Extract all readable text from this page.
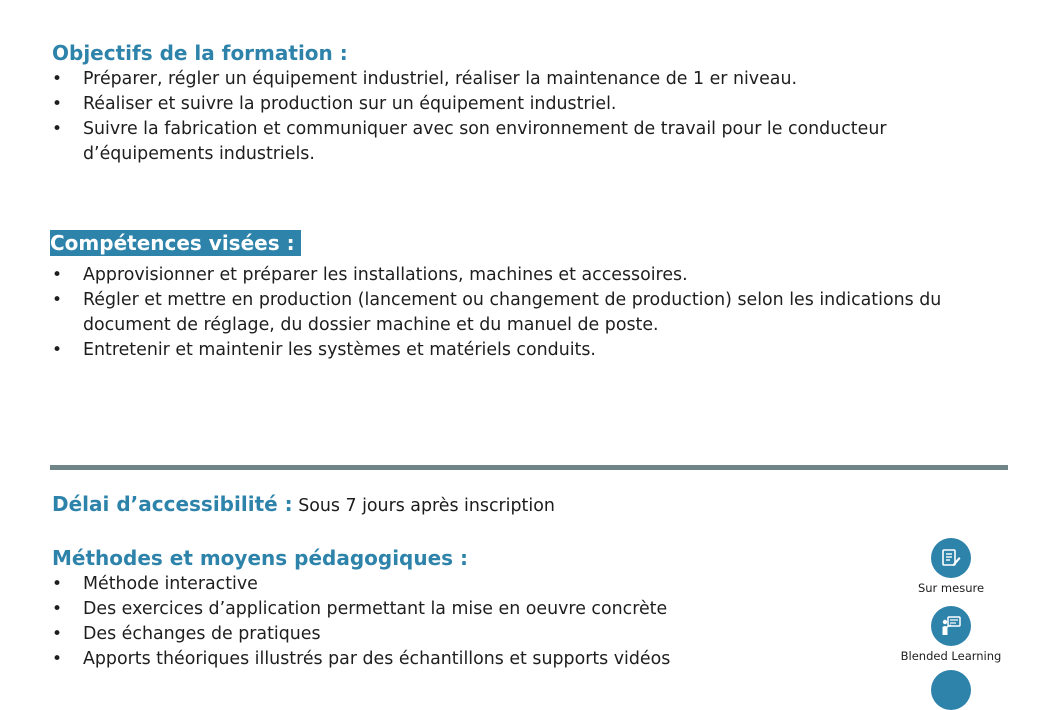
Objectifs de la formation :
• Préparer, régler un équipement industriel, réaliser la maintenance de 1 er niveau.
• Réaliser et suivre la production sur un équipement industriel.
• Suivre la fabrication et communiquer avec son environnement de travail pour le conducteur d’équipements industriels.
Compétences visées :
• Approvisionner et préparer les installations, machines et accessoires.
• Régler et mettre en production (lancement ou changement de production) selon les indications du document de réglage, du dossier machine et du manuel de poste.
• Entretenir et maintenir les systèmes et matériels conduits.
Délai d’accessibilité : Sous 7 jours après inscription
Méthodes et moyens pédagogiques :
• Méthode interactive
• Des exercices d’application permettant la mise en oeuvre concrète
• Des échanges de pratiques
• Apports théoriques illustrés par des échantillons et supports vidéos
Sur mesure
Blended Learning
